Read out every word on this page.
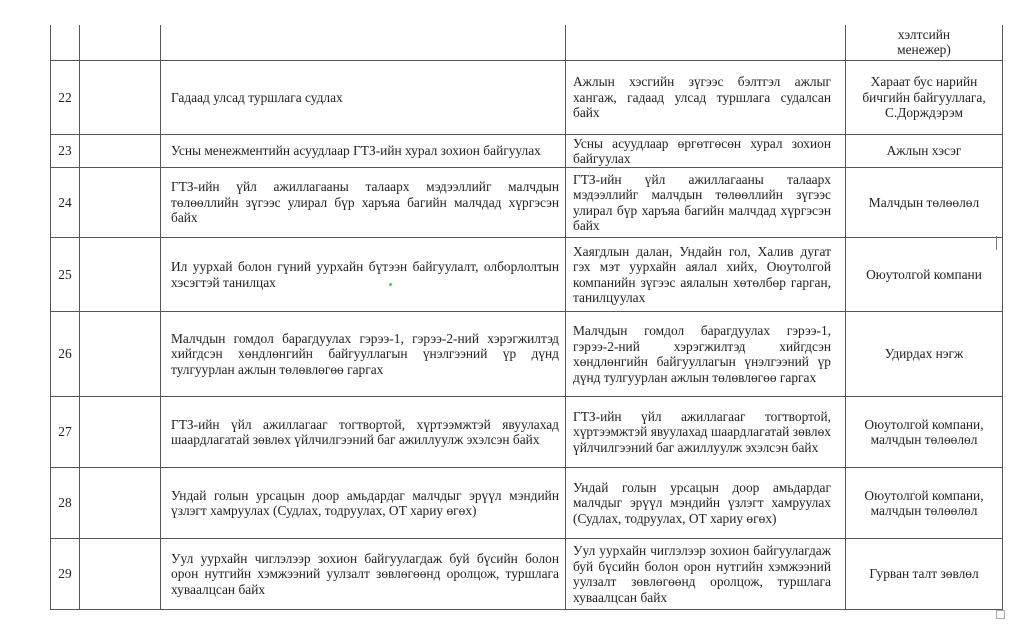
хэлтсийн
менежер)
22	Гадаад улсад туршлага судлах
Ажлын хэсгийн зүгээс бэлтгэл ажлыг хангаж, гадаад улсад туршлага судалсан байх
Хараат бус нарийн бичгийн байгууллага, С.Дорждэрэм
23	Усны менежментийн асуудлаар ГТЗ-ийн хурал зохион байгуулах
Усны асуудлаар өргөтгөсөн хурал зохион байгуулах
Ажлын хэсэг
24
ГТЗ-ийн үйл ажиллагааны талаарх мэдээллийг малчдын төлөөллийн зүгээс улирал бүр харъяа багийн малчдад хүргэсэн байх
ГТЗ-ийн үйл ажиллагааны талаарх мэдээллийг малчдын төлөөллийн зүгээс улирал бүр харъяа багийн малчдад хүргэсэн байх
Малчдын төлөөлөл
25
Ил уурхай болон гүний уурхайн бүтээн байгуулалт, олборлолтын хэсэгтэй танилцах
Хаягдлын далан, Ундайн гол, Халив дугат гэх мэт уурхайн аялал хийх, Оюутолгой компанийн зүгээс аялалын хөтөлбөр гарган, танилцуулах
Оюутолгой компани
26
Малчдын гомдол барагдуулах гэрээ-1, гэрээ-2-ний хэрэгжилтэд хийгдсэн хөндлөнгийн байгууллагын үнэлгээний үр дүнд тулгуурлан ажлын төлөвлөгөө гаргах
Малчдын гомдол барагдуулах гэрээ-1, гэрээ-2-ний хэрэгжилтэд хийгдсэн хөндлөнгийн байгууллагын үнэлгээний үр дүнд тулгуурлан ажлын төлөвлөгөө гаргах
Удирдах нэгж
27
ГТЗ-ийн үйл ажиллагааг тогтвортой, хүртээмжтэй явуулахад шаардлагатай зөвлөх үйлчилгээний баг ажиллуулж эхэлсэн байх
ГТЗ-ийн үйл ажиллагааг тогтвортой, хүртээмжтэй явуулахад шаардлагатай зөвлөх үйлчилгээний баг ажиллуулж эхэлсэн байх
Оюутолгой компани, малчдын төлөөлөл
28
Ундай голын урсацын доор амьдардаг малчдыг эрүүл мэндийн үзлэгт хамруулах (Судлах, тодруулах, ОТ хариу өгөх)
Ундай голын урсацын доор амьдардаг малчдыг эрүүл мэндийн үзлэгт хамруулах (Судлах, тодруулах, ОТ хариу өгөх)
Оюутолгой компани, малчдын төлөөлөл
29
Уул уурхайн чиглэлээр зохион байгуулагдаж буй бүсийн болон орон нутгийн хэмжээний уулзалт зөвлөгөөнд оролцож, туршлага хуваалцсан байх
Уул уурхайн чиглэлээр зохион байгуулагдаж буй бүсийн болон орон нутгийн хэмжээний уулзалт зөвлөгөөнд оролцож, туршлага хуваалцсан байх
Гурван талт зөвлөл
